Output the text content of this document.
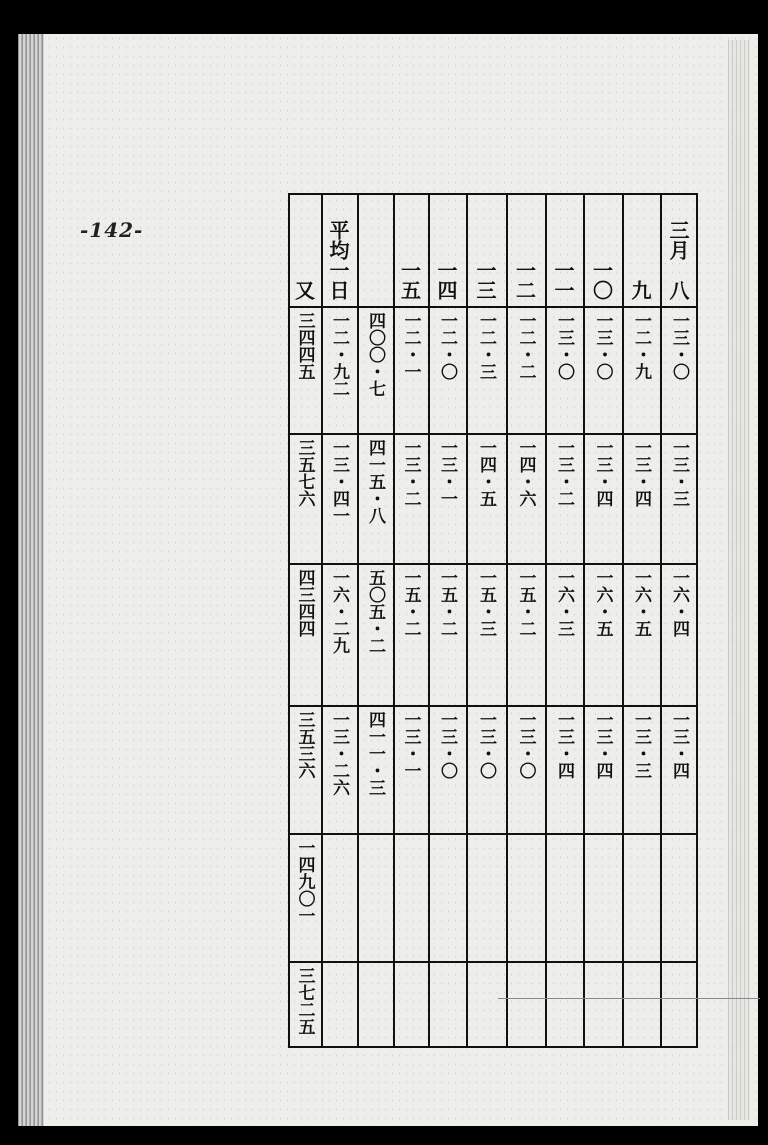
-142-	三月　八
一三・〇
一三・三
一六・四
一三・四
九
一二・九
一三・四
一六・五
一三・三
一〇
一三・〇
一三・四
一六・五
一三・四
一一
一三・〇
一三・二
一六・三
一三・四
一二
一二・二
一四・六
一五・二
一三・〇
一三
一二・三
一四・五
一五・三
一三・〇
一四
一二・〇
一三・一
一五・二
一三・〇
一五
一二・一
一三・二
一五・二
一三・一
四〇〇・七
四一五・八
五〇五・二
四一一・三
平均一日
一二・九二
一三・四一
一六・二九
一三・二六
又
三四四五
三五七六
四三四四
三五三六
一四九〇一
三七二五
